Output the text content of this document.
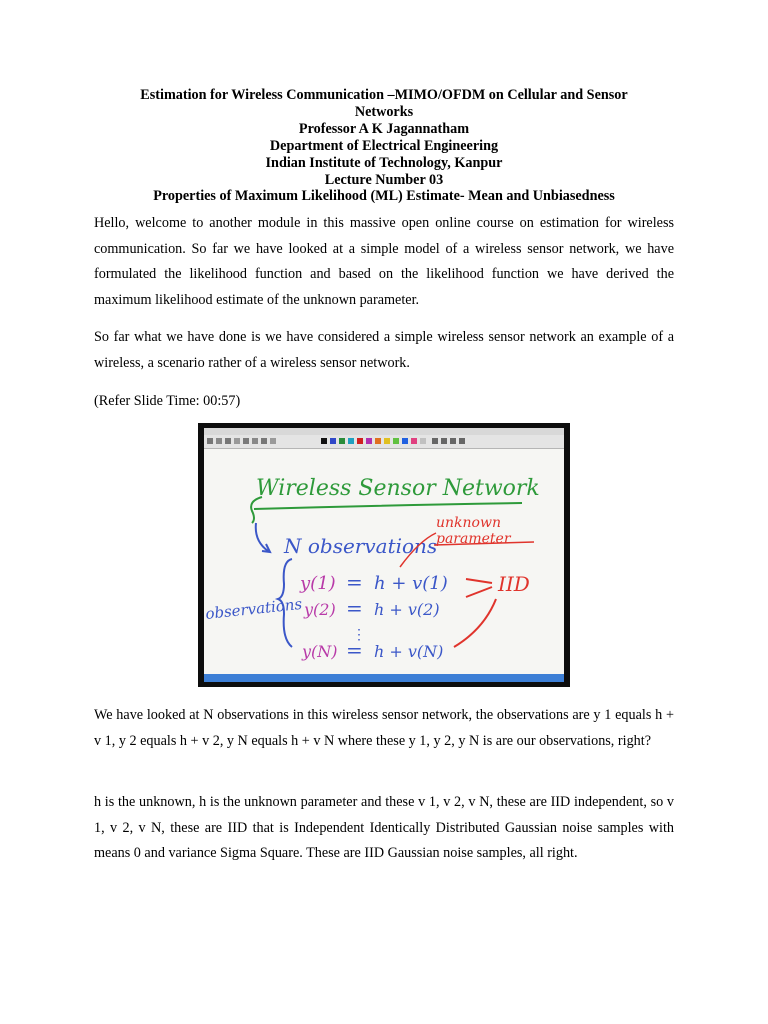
Estimation for Wireless Communication –MIMO/OFDM on Cellular and Sensor
Networks
Professor A K Jagannatham
Department of Electrical Engineering
Indian Institute of Technology, Kanpur
Lecture Number 03
Properties of Maximum Likelihood (ML) Estimate- Mean and Unbiasedness

Hello, welcome to another module in this massive open online course on estimation for wireless communication. So far we have looked at a simple model of a wireless sensor network, we have formulated the likelihood function and based on the likelihood function we have derived the maximum likelihood estimate of the unknown parameter.

So far what we have done is we have considered a simple wireless sensor network an example of a wireless, a scenario rather of a wireless sensor network.

(Refer Slide Time: 00:57)

Wireless Sensor Network
N observations
unknown
parameter
observations
y(1) = h + v(1)
y(2) = h + v(2)
⋮
y(N) = h + v(N)
IID

We have looked at N observations in this wireless sensor network, the observations are y 1 equals h + v 1, y 2 equals h + v 2, y N equals h + v N where these y 1, y 2, y N is are our observations, right?

h is the unknown, h is the unknown parameter and these v 1, v 2, v N, these are IID independent, so v 1, v 2, v N, these are IID that is Independent Identically Distributed Gaussian noise samples with means 0 and variance Sigma Square. These are IID Gaussian noise samples, all right.
